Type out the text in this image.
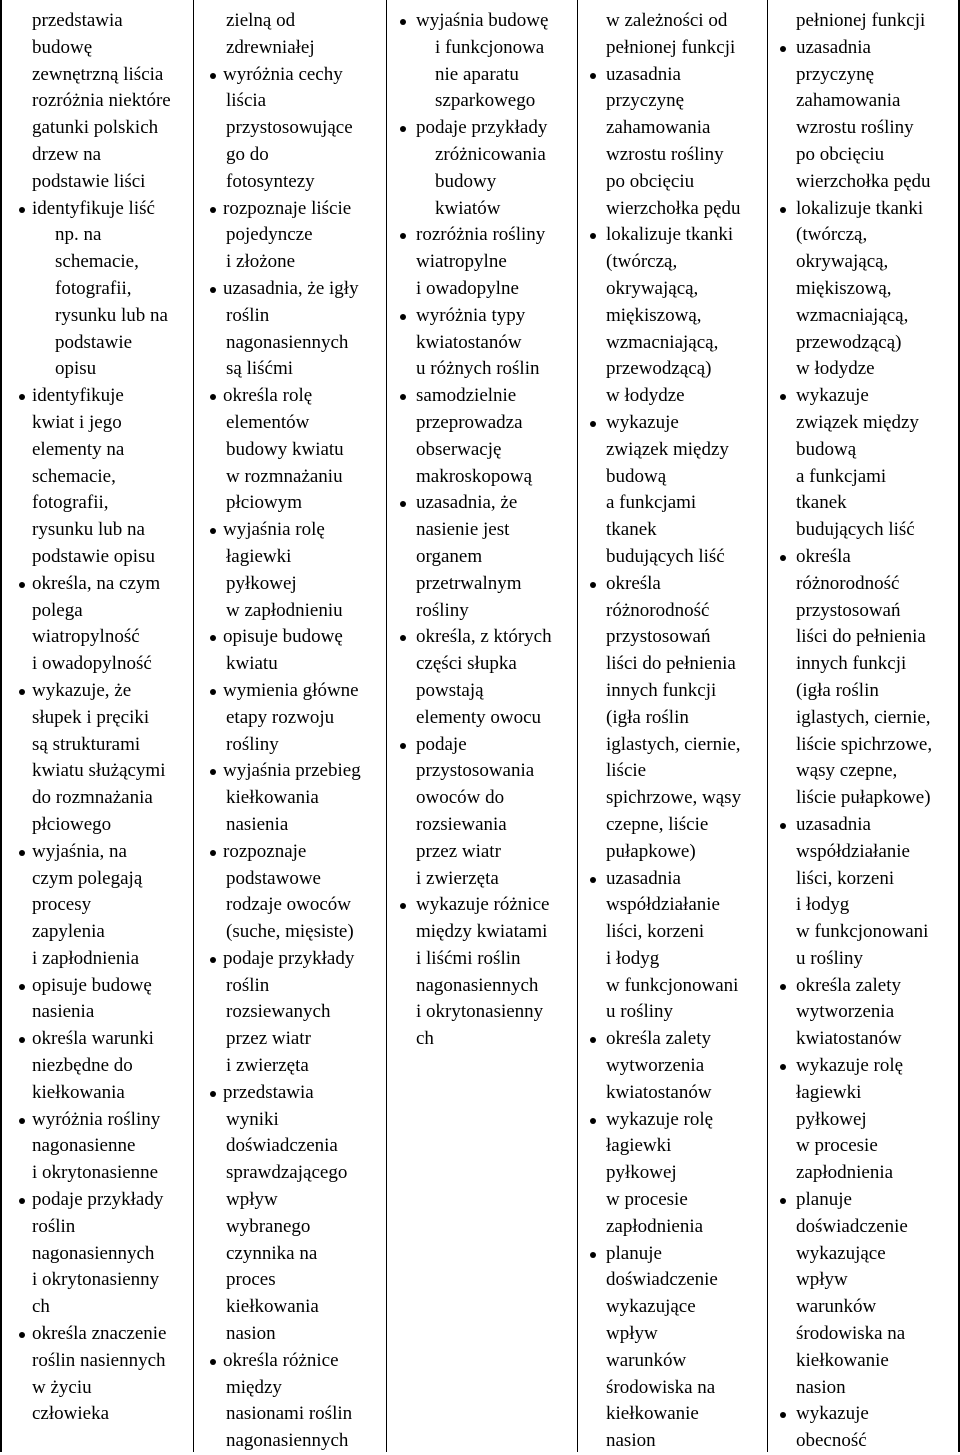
przedstawia
budowę
zewnętrzną liścia
rozróżnia niektóre
gatunki polskich
drzew na
podstawie liści
identyfikuje liść
np. na
schemacie,
fotografii,
rysunku lub na
podstawie
opisu
identyfikuje
kwiat i jego
elementy na
schemacie,
fotografii,
rysunku lub na
podstawie opisu
określa, na czym
polega
wiatropylność
i owadopylność
wykazuje, że
słupek i pręciki
są strukturami
kwiatu służącymi
do rozmnażania
płciowego
wyjaśnia, na
czym polegają
procesy
zapylenia
i zapłodnienia
opisuje budowę
nasienia
określa warunki
niezbędne do
kiełkowania
wyróżnia rośliny
nagonasienne
i okrytonasienne
podaje przykłady
roślin
nagonasiennych
i okrytonasienny
ch
określa znaczenie
roślin nasiennych
w życiu
człowieka
zielną od
zdrewniałej
wyróżnia cechy
liścia
przystosowujące
go do
fotosyntezy
rozpoznaje liście
pojedyncze
i złożone
uzasadnia, że igły
roślin
nagonasiennych
są liśćmi
określa rolę
elementów
budowy kwiatu
w rozmnażaniu
płciowym
wyjaśnia rolę
łagiewki
pyłkowej
w zapłodnieniu
opisuje budowę
kwiatu
wymienia główne
etapy rozwoju
rośliny
wyjaśnia przebieg
kiełkowania
nasienia
rozpoznaje
podstawowe
rodzaje owoców
(suche, mięsiste)
podaje przykłady
roślin
rozsiewanych
przez wiatr
i zwierzęta
przedstawia
wyniki
doświadczenia
sprawdzającego
wpływ
wybranego
czynnika na
proces
kiełkowania
nasion
określa różnice
między
nasionami roślin
nagonasiennych
wyjaśnia budowę
i funkcjonowa
nie aparatu
szparkowego
podaje przykłady
zróżnicowania
budowy
kwiatów
rozróżnia rośliny
wiatropylne
i owadopylne
wyróżnia typy
kwiatostanów
u różnych roślin
samodzielnie
przeprowadza
obserwację
makroskopową
uzasadnia, że
nasienie jest
organem
przetrwalnym
rośliny
określa, z których
części słupka
powstają
elementy owocu
podaje
przystosowania
owoców do
rozsiewania
przez wiatr
i zwierzęta
wykazuje różnice
między kwiatami
i liśćmi roślin
nagonasiennych
i okrytonasienny
ch
w zależności od
pełnionej funkcji
uzasadnia
przyczynę
zahamowania
wzrostu rośliny
po obcięciu
wierzchołka pędu
lokalizuje tkanki
(twórczą,
okrywającą,
miękiszową,
wzmacniającą,
przewodzącą)
w łodydze
wykazuje
związek między
budową
a funkcjami
tkanek
budujących liść
określa
różnorodność
przystosowań
liści do pełnienia
innych funkcji
(igła roślin
iglastych, ciernie,
liście
spichrzowe, wąsy
czepne, liście
pułapkowe)
uzasadnia
współdziałanie
liści, korzeni
i łodyg
w funkcjonowani
u rośliny
określa zalety
wytworzenia
kwiatostanów
wykazuje rolę
łagiewki
pyłkowej
w procesie
zapłodnienia
planuje
doświadczenie
wykazujące
wpływ
warunków
środowiska na
kiełkowanie
nasion
pełnionej funkcji
uzasadnia
przyczynę
zahamowania
wzrostu rośliny
po obcięciu
wierzchołka pędu
lokalizuje tkanki
(twórczą,
okrywającą,
miękiszową,
wzmacniającą,
przewodzącą)
w łodydze
wykazuje
związek między
budową
a funkcjami
tkanek
budujących liść
określa
różnorodność
przystosowań
liści do pełnienia
innych funkcji
(igła roślin
iglastych, ciernie,
liście spichrzowe,
wąsy czepne,
liście pułapkowe)
uzasadnia
współdziałanie
liści, korzeni
i łodyg
w funkcjonowani
u rośliny
określa zalety
wytworzenia
kwiatostanów
wykazuje rolę
łagiewki
pyłkowej
w procesie
zapłodnienia
planuje
doświadczenie
wykazujące
wpływ
warunków
środowiska na
kiełkowanie
nasion
wykazuje
obecność
